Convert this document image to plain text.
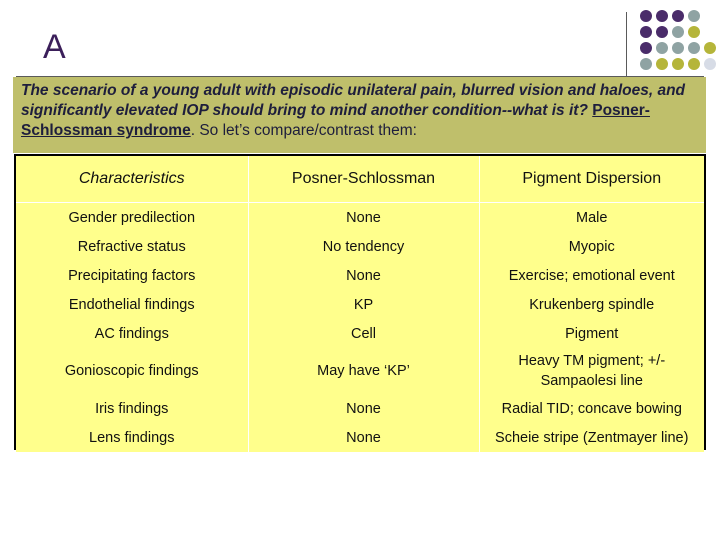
A
The scenario of a young adult with episodic unilateral pain, blurred vision and haloes, and significantly elevated IOP should bring to mind another condition--what is it? Posner-Schlossman syndrome. So let’s compare/contrast them:
Characteristics	Posner-Schlossman	Pigment Dispersion
Gender predilection	None	Male
Refractive status	No tendency	Myopic
Precipitating factors	None	Exercise; emotional event
Endothelial findings	KP	Krukenberg spindle
AC findings	Cell	Pigment
Gonioscopic findings	May have ‘KP’	Heavy TM pigment; +/- Sampaolesi line
Iris findings	None	Radial TID; concave bowing
Lens findings	None	Scheie stripe (Zentmayer line)
